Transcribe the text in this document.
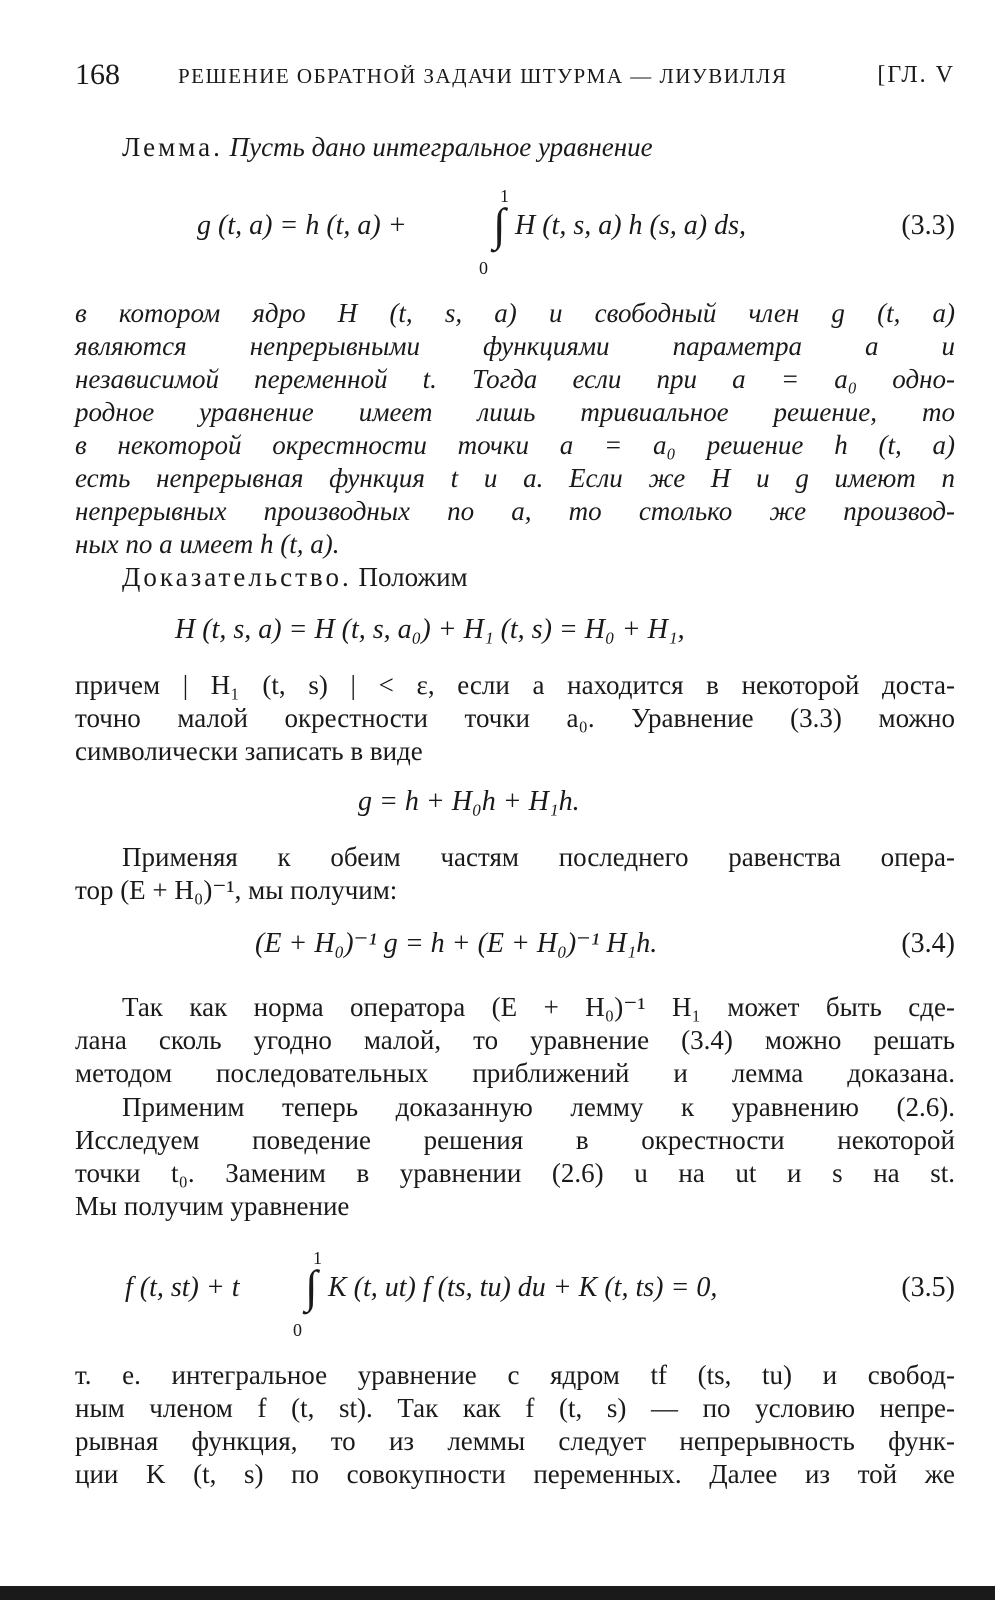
168	РЕШЕНИЕ ОБРАТНОЙ ЗАДАЧИ ШТУРМА — ЛИУВИЛЛЯ	[ГЛ. V
Лемма. Пусть дано интегральное уравнение
g (t, a) = h (t, a) +
1
∫
0
H (t, s, a) h (s, a) ds,	(3.3)
в котором ядро H (t, s, a) и свободный член g (t, a)
являются непрерывными функциями параметра a и
независимой переменной t. Тогда если при a = a₀ одно-
родное уравнение имеет лишь тривиальное решение, то
в некоторой окрестности точки a = a₀ решение h (t, a)
есть непрерывная функция t и a. Если же H и g имеют n
непрерывных производных по a, то столько же производ-
ных по a имеет h (t, a).
Доказательство. Положим
H (t, s, a) = H (t, s, a₀) + H₁ (t, s) = H₀ + H₁,
причем | H₁ (t, s) | < ε, если a находится в некоторой доста-
точно малой окрестности точки a₀. Уравнение (3.3) можно
символически записать в виде
g = h + H₀h + H₁h.
Применяя к обеим частям последнего равенства опера-
тор (E + H₀)⁻¹, мы получим:
(E + H₀)⁻¹ g = h + (E + H₀)⁻¹ H₁h.	(3.4)
Так как норма оператора (E + H₀)⁻¹ H₁ может быть сде-
лана сколь угодно малой, то уравнение (3.4) можно решать
методом последовательных приближений и лемма доказана.
Применим теперь доказанную лемму к уравнению (2.6).
Исследуем поведение решения в окрестности некоторой
точки t₀. Заменим в уравнении (2.6) u на ut и s на st.
Мы получим уравнение
f (t, st) + t
1
∫
0
K (t, ut) f (ts, tu) du + K (t, ts) = 0,	(3.5)
т. е. интегральное уравнение с ядром tf (ts, tu) и свобод-
ным членом f (t, st). Так как f (t, s) — по условию непре-
рывная функция, то из леммы следует непрерывность функ-
ции K (t, s) по совокупности переменных. Далее из той же
